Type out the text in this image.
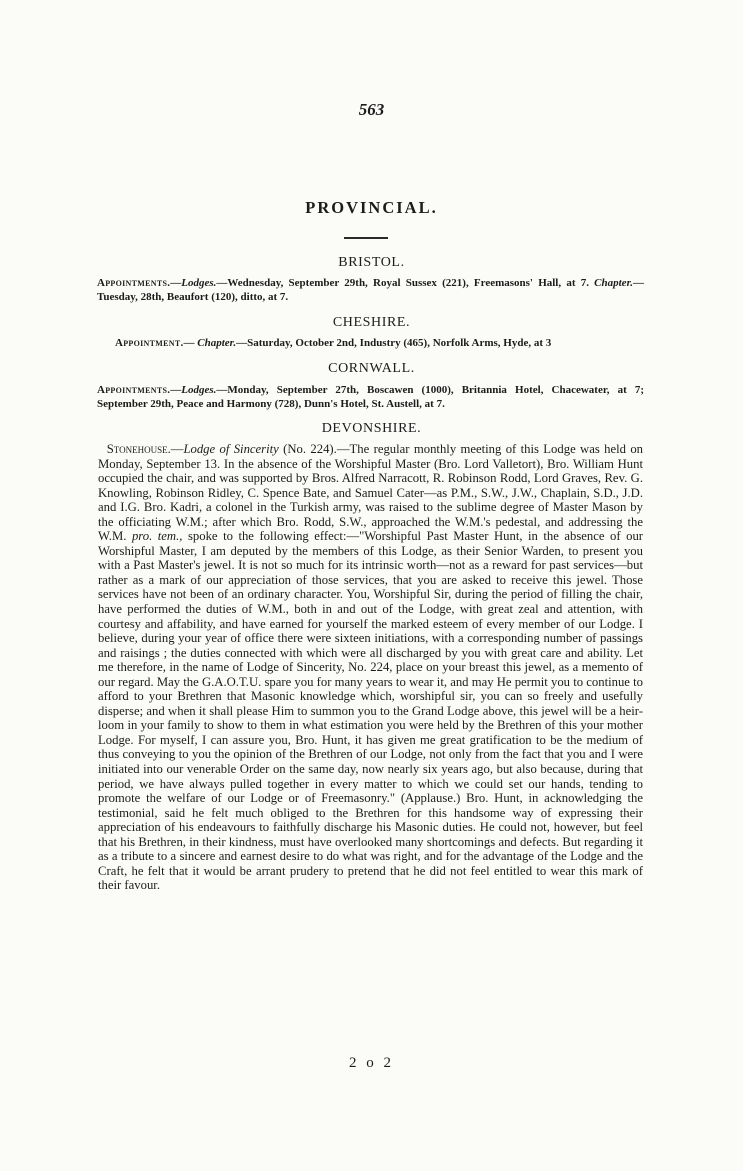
563
PROVINCIAL.
BRISTOL.
Appointments.—Lodges.—Wednesday, September 29th, Royal Sussex (221), Freemasons' Hall, at 7. Chapter.—Tuesday, 28th, Beaufort (120), ditto, at 7.
CHESHIRE.
Appointment.— Chapter.—Saturday, October 2nd, Industry (465), Norfolk Arms, Hyde, at 3
CORNWALL.
Appointments.—Lodges.—Monday, September 27th, Boscawen (1000), Britannia Hotel, Chacewater, at 7; September 29th, Peace and Harmony (728), Dunn's Hotel, St. Austell, at 7.
DEVONSHIRE.
Stonehouse.—Lodge of Sincerity (No. 224).—The regular monthly meeting of this Lodge was held on Monday, September 13. In the absence of the Worshipful Master (Bro. Lord Valletort), Bro. William Hunt occupied the chair, and was supported by Bros. Alfred Narracott, R. Robinson Rodd, Lord Graves, Rev. G. Knowling, Robinson Ridley, C. Spence Bate, and Samuel Cater—as P.M., S.W., J.W., Chaplain, S.D., J.D. and I.G. Bro. Kadri, a colonel in the Turkish army, was raised to the sublime degree of Master Mason by the officiating W.M.; after which Bro. Rodd, S.W., approached the W.M.'s pedestal, and addressing the W.M. pro. tem., spoke to the following effect:—"Worshipful Past Master Hunt, in the absence of our Worshipful Master, I am deputed by the members of this Lodge, as their Senior Warden, to present you with a Past Master's jewel. It is not so much for its intrinsic worth—not as a reward for past services—but rather as a mark of our appreciation of those services, that you are asked to receive this jewel. Those services have not been of an ordinary character. You, Worshipful Sir, during the period of filling the chair, have performed the duties of W.M., both in and out of the Lodge, with great zeal and attention, with courtesy and affability, and have earned for yourself the marked esteem of every member of our Lodge. I believe, during your year of office there were sixteen initiations, with a corresponding number of passings and raisings ; the duties connected with which were all discharged by you with great care and ability. Let me therefore, in the name of Lodge of Sincerity, No. 224, place on your breast this jewel, as a memento of our regard. May the G.A.O.T.U. spare you for many years to wear it, and may He permit you to continue to afford to your Brethren that Masonic knowledge which, worshipful sir, you can so freely and usefully disperse; and when it shall please Him to summon you to the Grand Lodge above, this jewel will be a heir-loom in your family to show to them in what estimation you were held by the Brethren of this your mother Lodge. For myself, I can assure you, Bro. Hunt, it has given me great gratification to be the medium of thus conveying to you the opinion of the Brethren of our Lodge, not only from the fact that you and I were initiated into our venerable Order on the same day, now nearly six years ago, but also because, during that period, we have always pulled together in every matter to which we could set our hands, tending to promote the welfare of our Lodge or of Freemasonry." (Applause.) Bro. Hunt, in acknowledging the testimonial, said he felt much obliged to the Brethren for this handsome way of expressing their appreciation of his endeavours to faithfully discharge his Masonic duties. He could not, however, but feel that his Brethren, in their kindness, must have overlooked many shortcomings and defects. But regarding it as a tribute to a sincere and earnest desire to do what was right, and for the advantage of the Lodge and the Craft, he felt that it would be arrant prudery to pretend that he did not feel entitled to wear this mark of their favour.
2 o 2
